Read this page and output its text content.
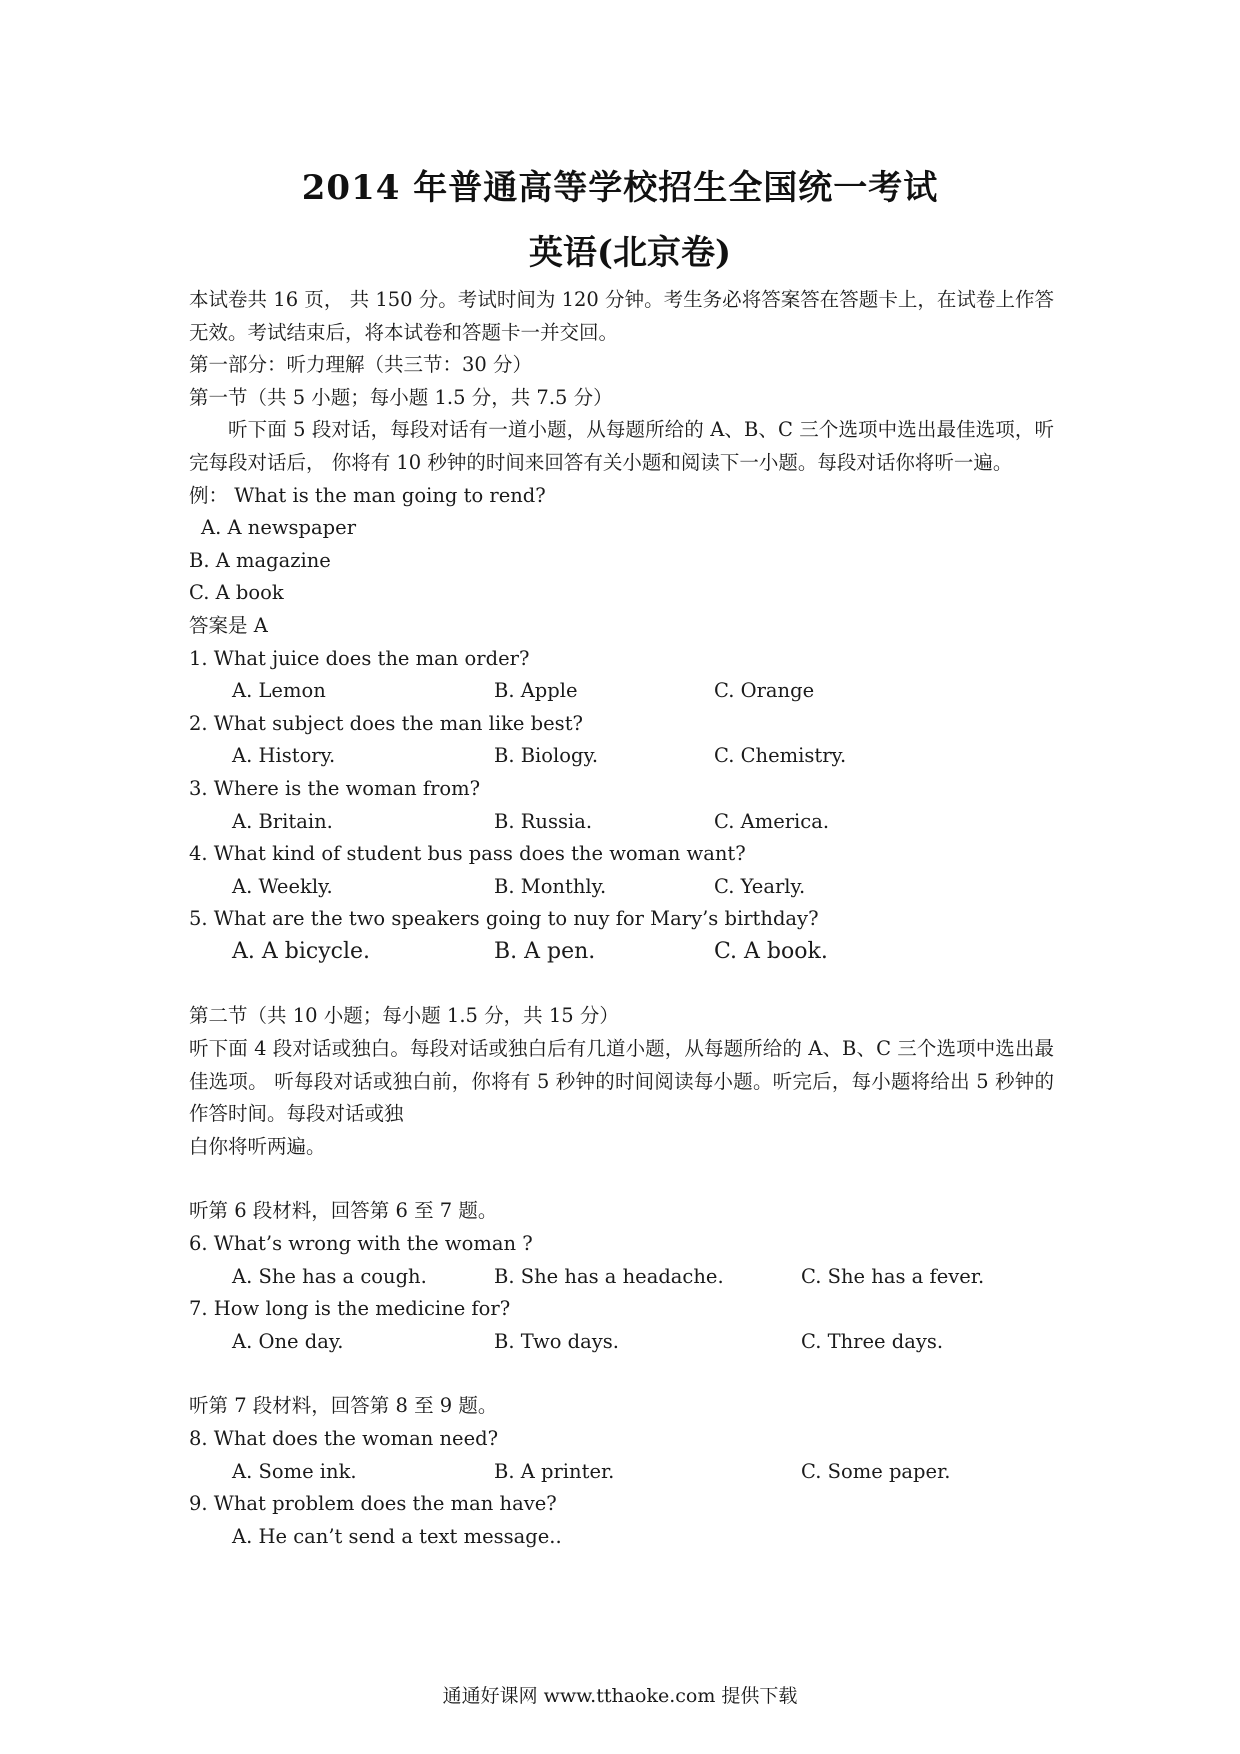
2014 年普通高等学校招生全国统一考试
英语(北京卷)
本试卷共 16 页， 共 150 分。考试时间为 120 分钟。考生务必将答案答在答题卡上，在试卷上作答无效。考试结束后，将本试卷和答题卡一并交回。
第一部分：听力理解（共三节：30 分）
第一节（共 5 小题；每小题 1.5 分，共 7.5 分）
听下面 5 段对话，每段对话有一道小题，从每题所给的 A、B、C 三个选项中选出最佳选项，听完每段对话后， 你将有 10 秒钟的时间来回答有关小题和阅读下一小题。每段对话你将听一遍。
例： What is the man going to rend?
A. A newspaper
B. A magazine
C. A book
答案是 A
1. What juice does the man order?
A. Lemon	B. Apple	C. Orange
2. What subject does the man like best?
A. History.	B. Biology.	C. Chemistry.
3. Where is the woman from?
A. Britain.	B. Russia.	C. America.
4. What kind of student bus pass does the woman want?
A. Weekly.	B. Monthly.	C. Yearly.
5. What are the two speakers going to nuy for Mary’s birthday?
A. A bicycle.	B. A pen.	C. A book.
第二节（共 10 小题；每小题 1.5 分，共 15 分）
听下面 4 段对话或独白。每段对话或独白后有几道小题，从每题所给的 A、B、C 三个选项中选出最佳选项。 听每段对话或独白前，你将有 5 秒钟的时间阅读每小题。听完后，每小题将给出 5 秒钟的作答时间。每段对话或独
白你将听两遍。
听第 6 段材料，回答第 6 至 7 题。
6. What’s wrong with the woman ?
A. She has a cough.	B. She has a headache.	C. She has a fever.
7. How long is the medicine for?
A. One day.	B. Two days.	C. Three days.
听第 7 段材料，回答第 8 至 9 题。
8. What does the woman need?
A. Some ink.	B. A printer.	C. Some paper.
9. What problem does the man have?
A. He can’t send a text message..
通通好课网 www.tthaoke.com 提供下载
